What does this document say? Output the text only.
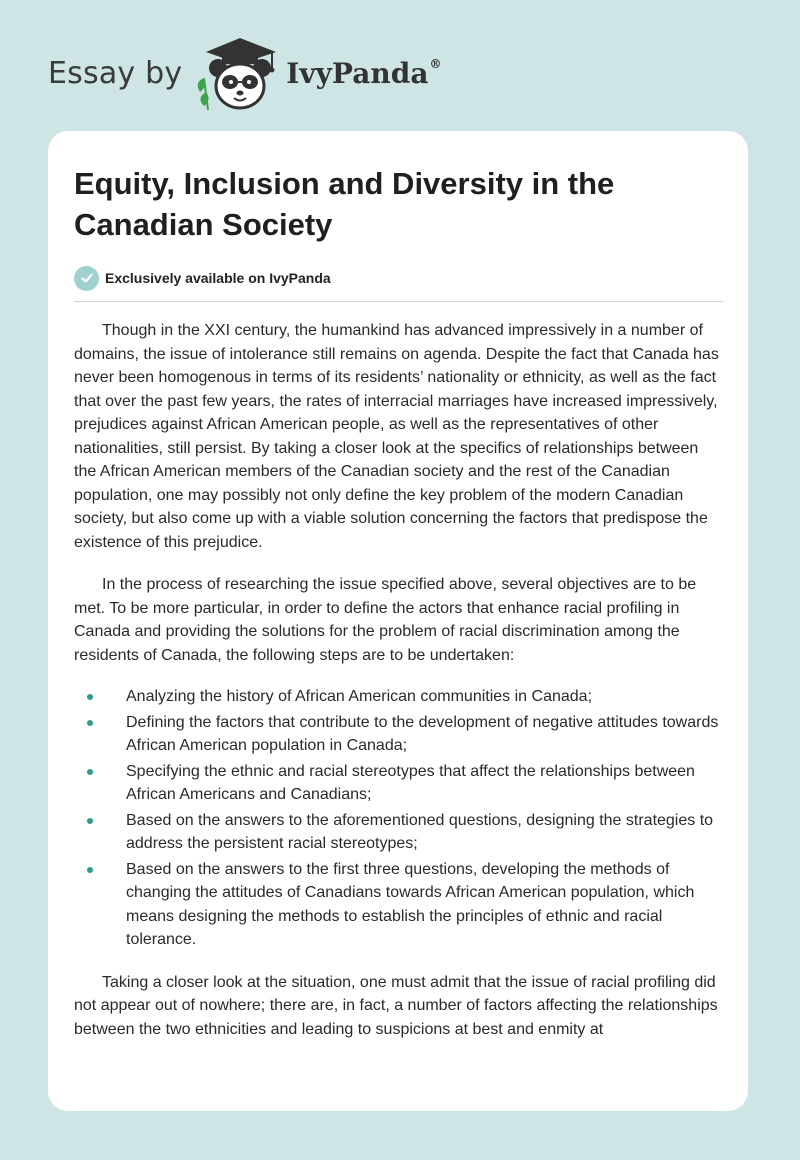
Essay by	IvyPanda®
Equity, Inclusion and Diversity in the Canadian Society
Exclusively available on IvyPanda

Though in the XXI century, the humankind has advanced impressively in a number of domains, the issue of intolerance still remains on agenda. Despite the fact that Canada has never been homogenous in terms of its residents’ nationality or ethnicity, as well as the fact that over the past few years, the rates of interracial marriages have increased impressively, prejudices against African American people, as well as the representatives of other nationalities, still persist. By taking a closer look at the specifics of relationships between the African American members of the Canadian society and the rest of the Canadian population, one may possibly not only define the key problem of the modern Canadian society, but also come up with a viable solution concerning the factors that predispose the existence of this prejudice.

In the process of researching the issue specified above, several objectives are to be met. To be more particular, in order to define the actors that enhance racial profiling in Canada and providing the solutions for the problem of racial discrimination among the residents of Canada, the following steps are to be undertaken:

Analyzing the history of African American communities in Canada;
Defining the factors that contribute to the development of negative attitudes towards African American population in Canada;
Specifying the ethnic and racial stereotypes that affect the relationships between African Americans and Canadians;
Based on the answers to the aforementioned questions, designing the strategies to address the persistent racial stereotypes;
Based on the answers to the first three questions, developing the methods of changing the attitudes of Canadians towards African American population, which means designing the methods to establish the principles of ethnic and racial tolerance.

Taking a closer look at the situation, one must admit that the issue of racial profiling did not appear out of nowhere; there are, in fact, a number of factors affecting the relationships between the two ethnicities and leading to suspicions at best and enmity at
